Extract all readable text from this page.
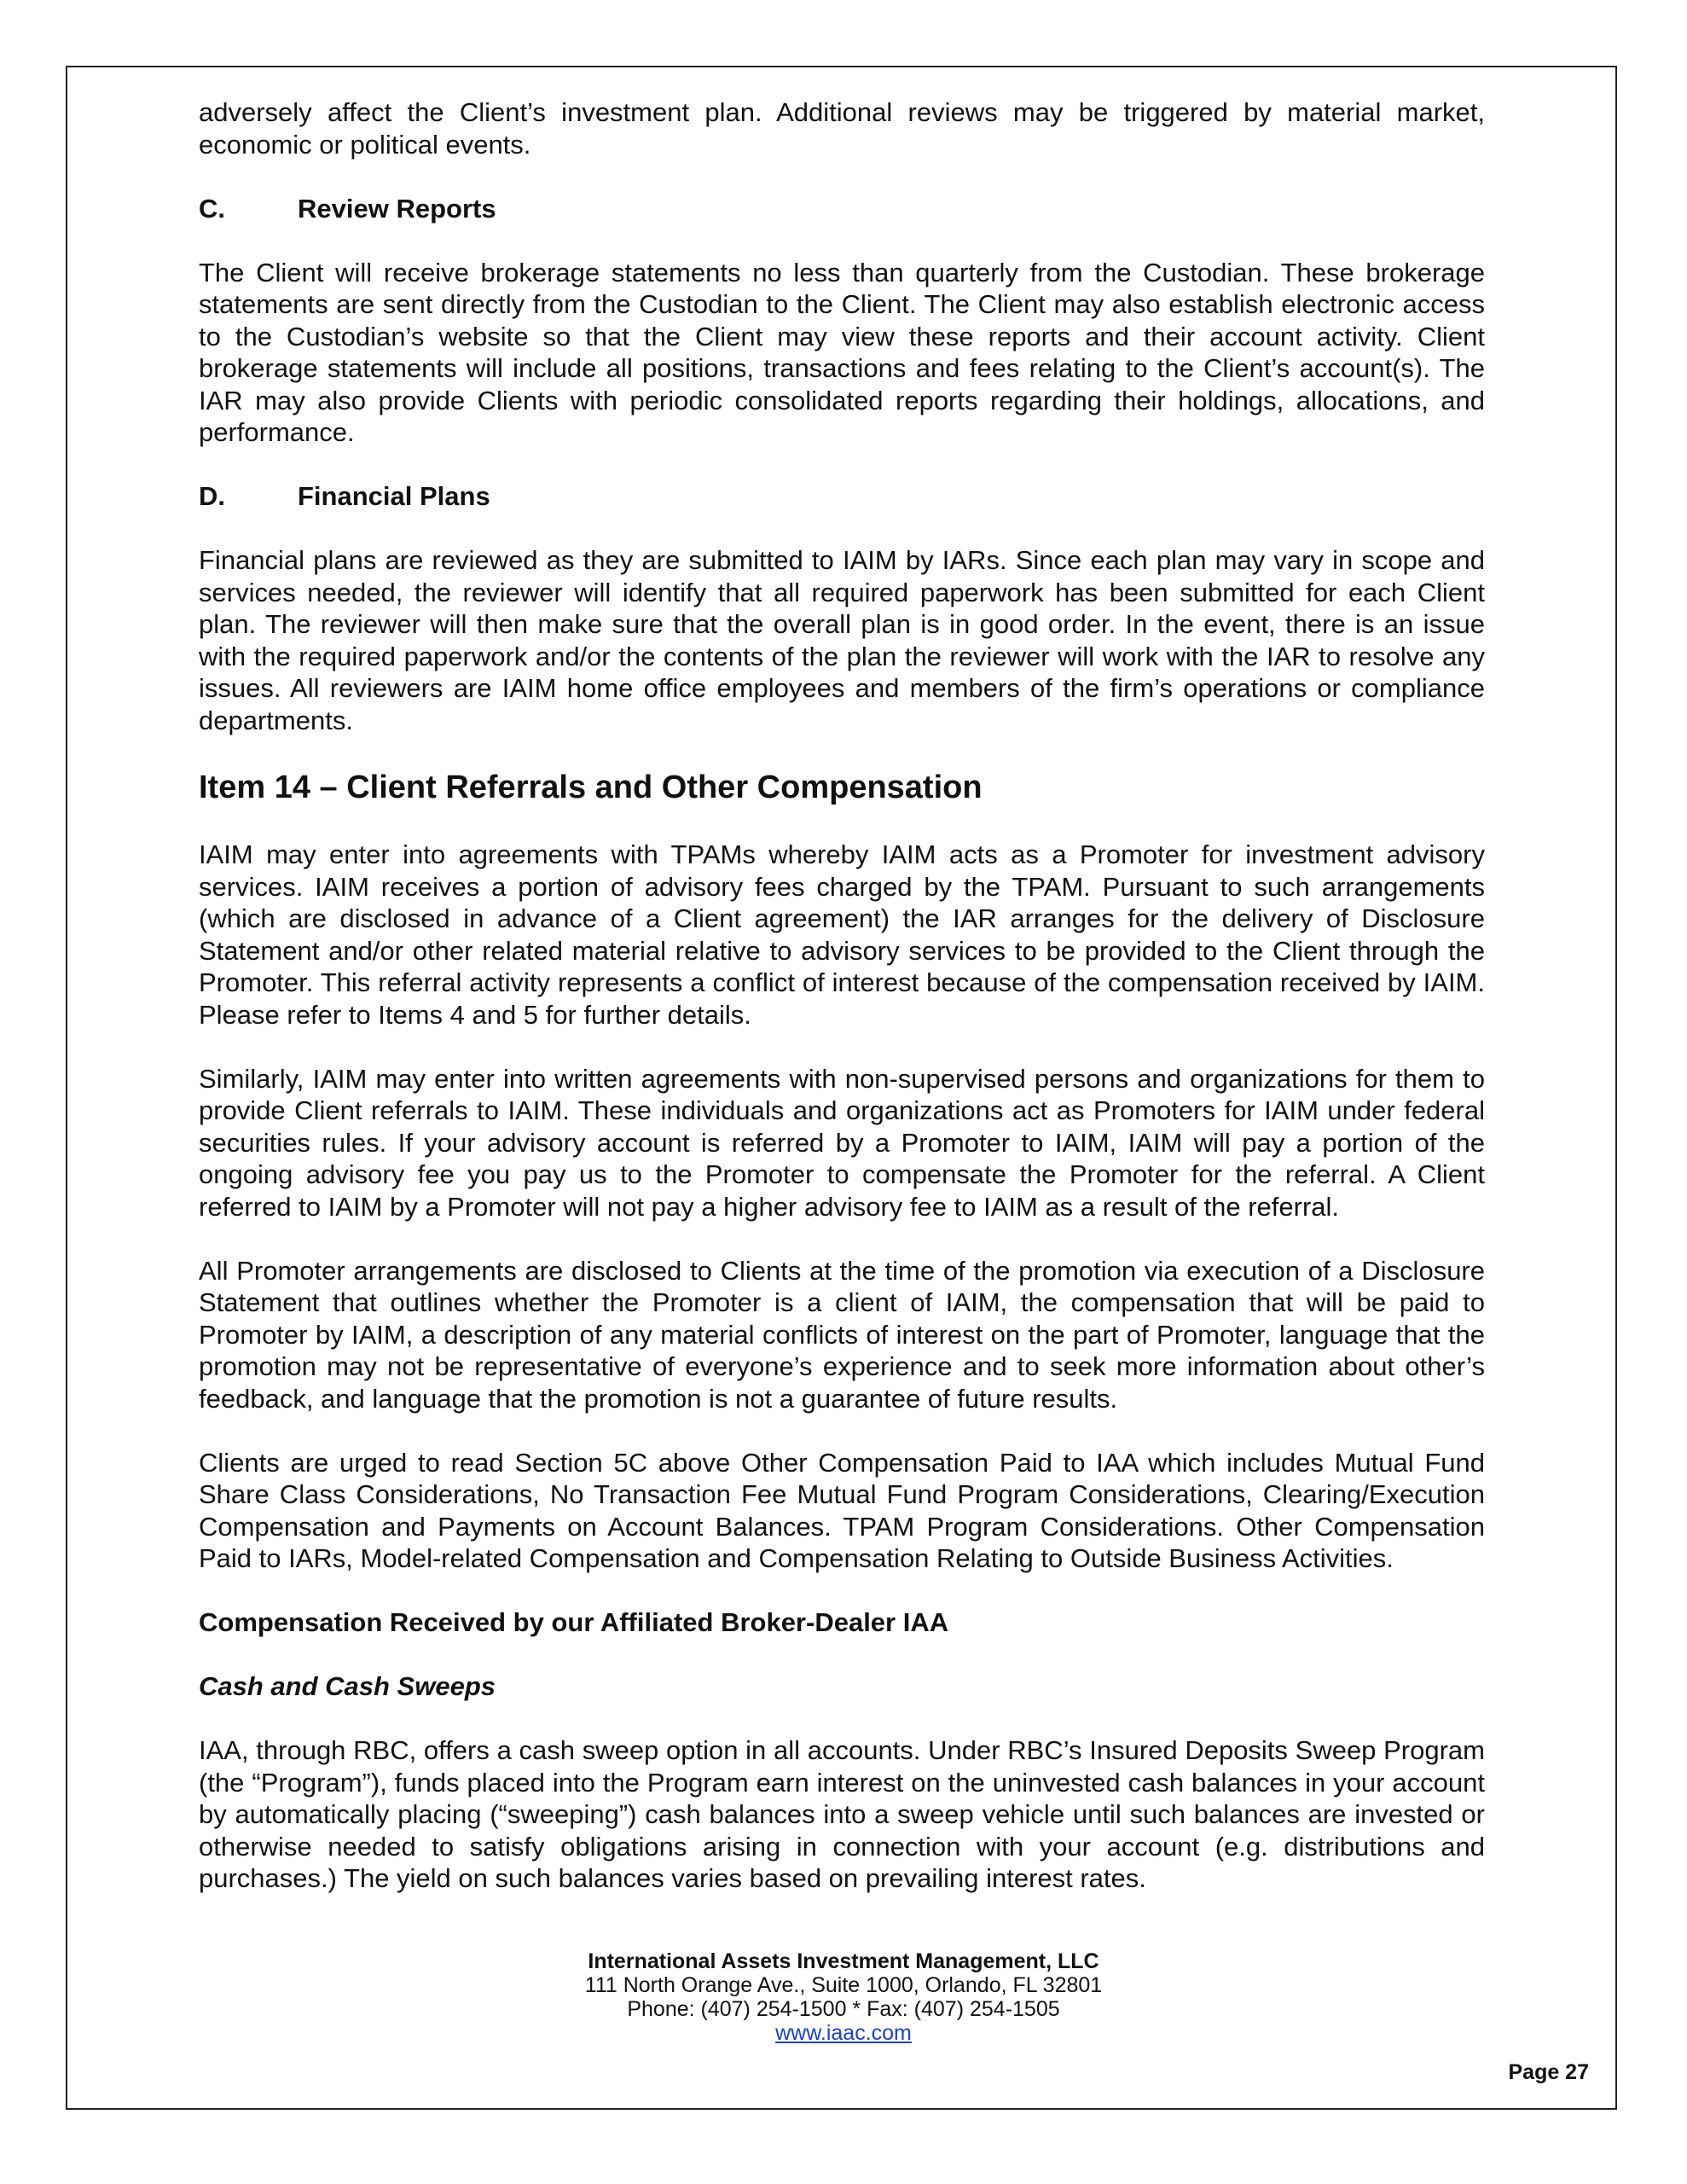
adversely affect the Client’s investment plan. Additional reviews may be triggered by material market, economic or political events.

C.	Review Reports

The Client will receive brokerage statements no less than quarterly from the Custodian. These brokerage statements are sent directly from the Custodian to the Client. The Client may also establish electronic access to the Custodian’s website so that the Client may view these reports and their account activity. Client brokerage statements will include all positions, transactions and fees relating to the Client’s account(s). The IAR may also provide Clients with periodic consolidated reports regarding their holdings, allocations, and performance.

D.	Financial Plans

Financial plans are reviewed as they are submitted to IAIM by IARs. Since each plan may vary in scope and services needed, the reviewer will identify that all required paperwork has been submitted for each Client plan. The reviewer will then make sure that the overall plan is in good order. In the event, there is an issue with the required paperwork and/or the contents of the plan the reviewer will work with the IAR to resolve any issues. All reviewers are IAIM home office employees and members of the firm’s operations or compliance departments.

Item 14 – Client Referrals and Other Compensation

IAIM may enter into agreements with TPAMs whereby IAIM acts as a Promoter for investment advisory services. IAIM receives a portion of advisory fees charged by the TPAM. Pursuant to such arrangements (which are disclosed in advance of a Client agreement) the IAR arranges for the delivery of Disclosure Statement and/or other related material relative to advisory services to be provided to the Client through the Promoter. This referral activity represents a conflict of interest because of the compensation received by IAIM. Please refer to Items 4 and 5 for further details.

Similarly, IAIM may enter into written agreements with non-supervised persons and organizations for them to provide Client referrals to IAIM. These individuals and organizations act as Promoters for IAIM under federal securities rules. If your advisory account is referred by a Promoter to IAIM, IAIM will pay a portion of the ongoing advisory fee you pay us to the Promoter to compensate the Promoter for the referral. A Client referred to IAIM by a Promoter will not pay a higher advisory fee to IAIM as a result of the referral.

All Promoter arrangements are disclosed to Clients at the time of the promotion via execution of a Disclosure Statement that outlines whether the Promoter is a client of IAIM, the compensation that will be paid to Promoter by IAIM, a description of any material conflicts of interest on the part of Promoter, language that the promotion may not be representative of everyone’s experience and to seek more information about other’s feedback, and language that the promotion is not a guarantee of future results.

Clients are urged to read Section 5C above Other Compensation Paid to IAA which includes Mutual Fund Share Class Considerations, No Transaction Fee Mutual Fund Program Considerations, Clearing/Execution Compensation and Payments on Account Balances. TPAM Program Considerations. Other Compensation Paid to IARs, Model-related Compensation and Compensation Relating to Outside Business Activities.

Compensation Received by our Affiliated Broker-Dealer IAA
Cash and Cash Sweeps

IAA, through RBC, offers a cash sweep option in all accounts. Under RBC’s Insured Deposits Sweep Program (the “Program”), funds placed into the Program earn interest on the uninvested cash balances in your account by automatically placing (“sweeping”) cash balances into a sweep vehicle until such balances are invested or otherwise needed to satisfy obligations arising in connection with your account (e.g. distributions and purchases.) The yield on such balances varies based on prevailing interest rates.

International Assets Investment Management, LLC
111 North Orange Ave., Suite 1000, Orlando, FL 32801
Phone: (407) 254-1500 * Fax: (407) 254-1505
www.iaac.com
Page 27
